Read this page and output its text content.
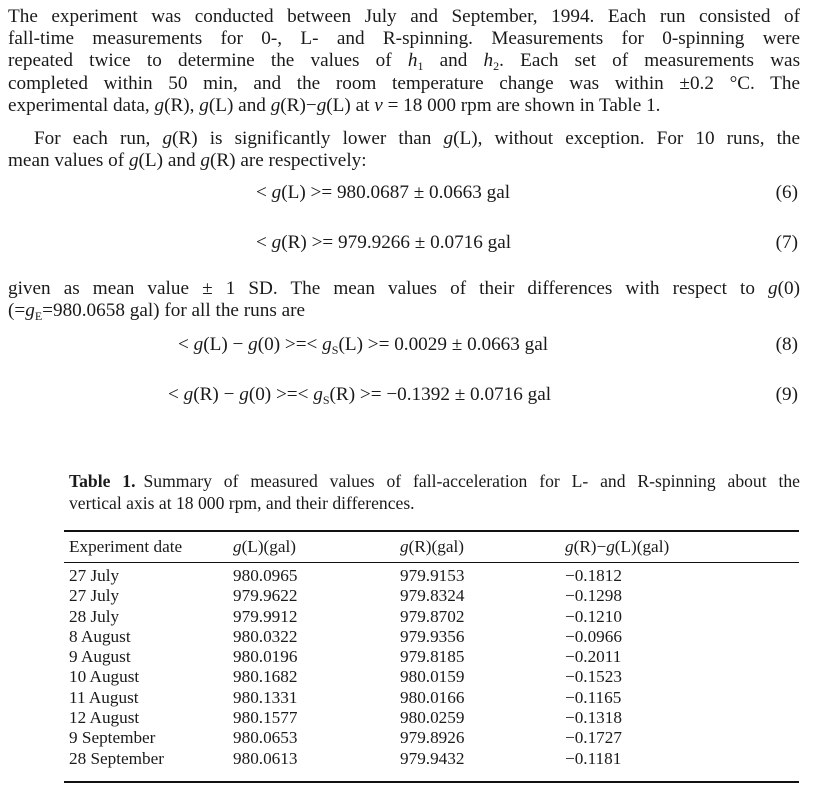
The experiment was conducted between July and September, 1994. Each run consisted of
fall-time measurements for 0-, L- and R-spinning. Measurements for 0-spinning were
repeated twice to determine the values of $h_1$ and $h_2$. Each set of measurements was
completed within 50 min, and the room temperature change was within ±0.2 °C. The
experimental data, g(R), g(L) and g(R)−g(L) at ν = 18 000 rpm are shown in Table 1.
For each run, g(R) is significantly lower than g(L), without exception. For 10 runs, the
mean values of g(L) and g(R) are respectively:
< g(L) >= 980.0687 ± 0.0663 gal	(6)
< g(R) >= 979.9266 ± 0.0716 gal	(7)
given as mean value ± 1 SD. The mean values of their differences with respect to g(0)
($=g_E=980.0658$ gal) for all the runs are
< g(L) − g(0) >=< $g_S(L) >= 0.0029 \pm 0.0663$ gal	(8)
< g(R) − g(0) >=< $g_S(R) >= -0.1392 \pm 0.0716$ gal	(9)
Table 1. Summary of measured values of fall-acceleration for L- and R-spinning about the
vertical axis at 18 000 rpm, and their differences.
Experiment date	g(L)(gal)	g(R)(gal)	g(R)−g(L)(gal)
27 July	980.0965	979.9153	−0.1812
27 July	979.9622	979.8324	−0.1298
28 July	979.9912	979.8702	−0.1210
8 August	980.0322	979.9356	−0.0966
9 August	980.0196	979.8185	−0.2011
10 August	980.1682	980.0159	−0.1523
11 August	980.1331	980.0166	−0.1165
12 August	980.1577	980.0259	−0.1318
9 September	980.0653	979.8926	−0.1727
28 September	980.0613	979.9432	−0.1181
